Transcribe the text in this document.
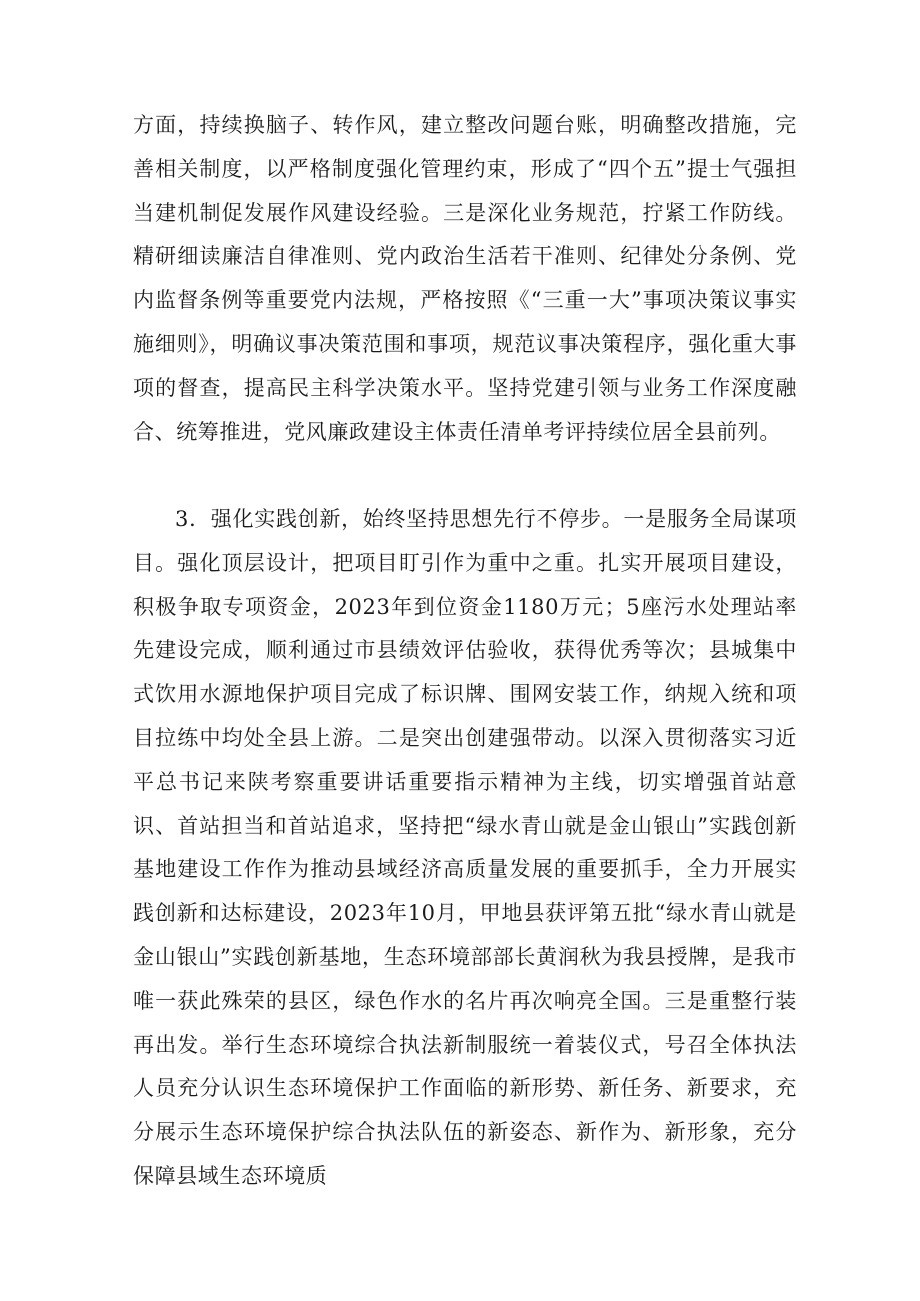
方面，持续换脑子、转作风，建立整改问题台账，明确整改措施，完善相关制度，以严格制度强化管理约束，形成了“四个五”提士气强担当建机制促发展作风建设经验。三是深化业务规范，拧紧工作防线。精研细读廉洁自律准则、党内政治生活若干准则、纪律处分条例、党内监督条例等重要党内法规，严格按照《“三重一大”事项决策议事实施细则》，明确议事决策范围和事项，规范议事决策程序，强化重大事项的督查，提高民主科学决策水平。坚持党建引领与业务工作深度融合、统筹推进，党风廉政建设主体责任清单考评持续位居全县前列。

3．强化实践创新，始终坚持思想先行不停步。一是服务全局谋项目。强化顶层设计，把项目盯引作为重中之重。扎实开展项目建设，积极争取专项资金，2023年到位资金1180万元；5座污水处理站率先建设完成，顺利通过市县绩效评估验收，获得优秀等次；县城集中式饮用水源地保护项目完成了标识牌、围网安装工作，纳规入统和项目拉练中均处全县上游。二是突出创建强带动。以深入贯彻落实习近平总书记来陕考察重要讲话重要指示精神为主线，切实增强首站意识、首站担当和首站追求，坚持把“绿水青山就是金山银山”实践创新基地建设工作作为推动县域经济高质量发展的重要抓手，全力开展实践创新和达标建设，2023年10月，甲地县获评第五批“绿水青山就是金山银山”实践创新基地，生态环境部部长黄润秋为我县授牌，是我市唯一获此殊荣的县区，绿色作水的名片再次响亮全国。三是重整行装再出发。举行生态环境综合执法新制服统一着装仪式，号召全体执法人员充分认识生态环境保护工作面临的新形势、新任务、新要求，充分展示生态环境保护综合执法队伍的新姿态、新作为、新形象，充分保障县域生态环境质
